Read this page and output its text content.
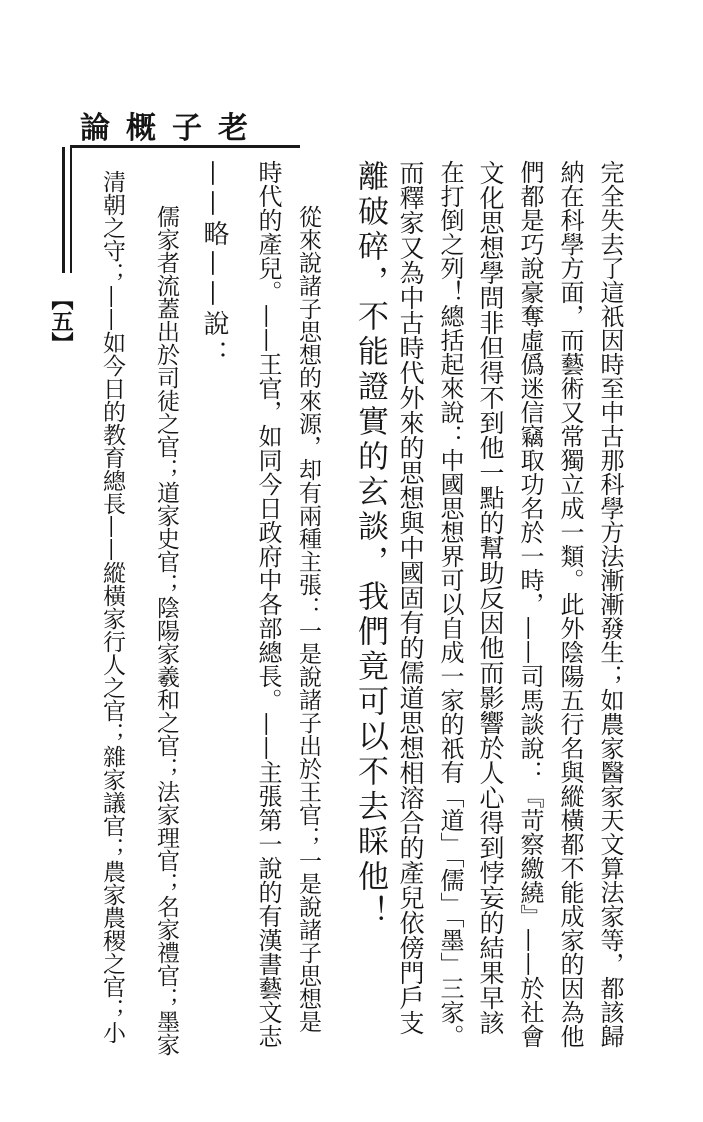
老子概論
【五】	完全失去了這祇因時至中古那科學方法漸漸發生；如農家醫家天文算法家等，都該歸
納在科學方面，而藝術又常獨立成一類。此外陰陽五行名與縱橫都不能成家的因為他
們都是巧說豪奪虛僞迷信竊取功名於一時，——司馬談說：『苛察繳繞』——於社會
文化思想學問非但得不到他一點的幫助反因他而影響於人心得到悖妄的結果早該
在打倒之列！總括起來說：中國思想界可以自成一家的祇有「道」「儒」「墨」三家。
而釋家又為中古時代外來的思想與中國固有的儒道思想相溶合的產兒依傍門戶支
離破碎，不能證實的玄談，我們竟可以不去睬他！
從來說諸子思想的來源，却有兩種主張：一是說諸子出於王官；一是說諸子思想是
時代的產兒。——王官，如同今日政府中各部總長。——主張第一說的有漢書藝文志
——略——說：
儒家者流蓋出於司徒之官；道家史官；陰陽家羲和之官；法家理官；名家禮官；墨家
清朝之守；——如今日的教育總長——縱橫家行人之官；雜家議官；農家農稷之官；小
